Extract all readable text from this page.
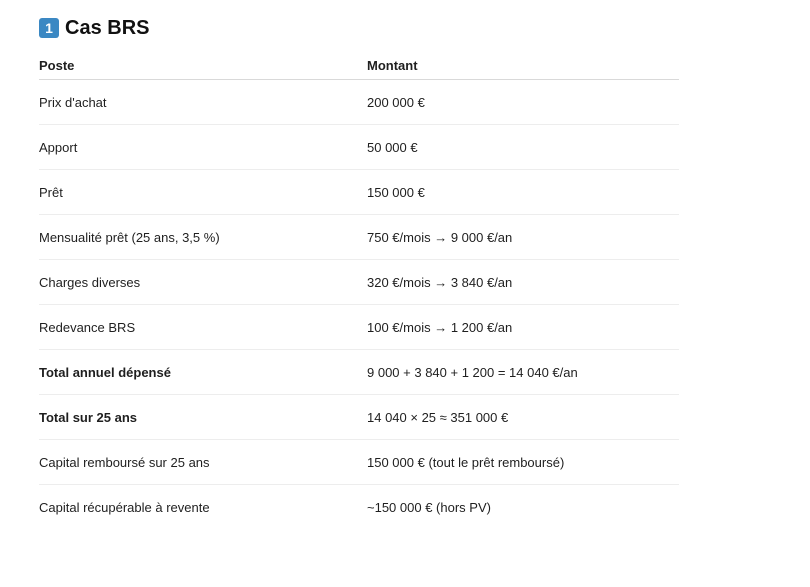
1 Cas BRS
Poste	Montant
Prix d'achat	200 000 €
Apport	50 000 €
Prêt	150 000 €
Mensualité prêt (25 ans, 3,5 %)	750 €/mois → 9 000 €/an
Charges diverses	320 €/mois → 3 840 €/an
Redevance BRS	100 €/mois → 1 200 €/an
Total annuel dépensé	9 000 + 3 840 + 1 200 = 14 040 €/an
Total sur 25 ans	14 040 × 25 ≈ 351 000 €
Capital remboursé sur 25 ans	150 000 € (tout le prêt remboursé)
Capital récupérable à revente	~150 000 € (hors PV)
